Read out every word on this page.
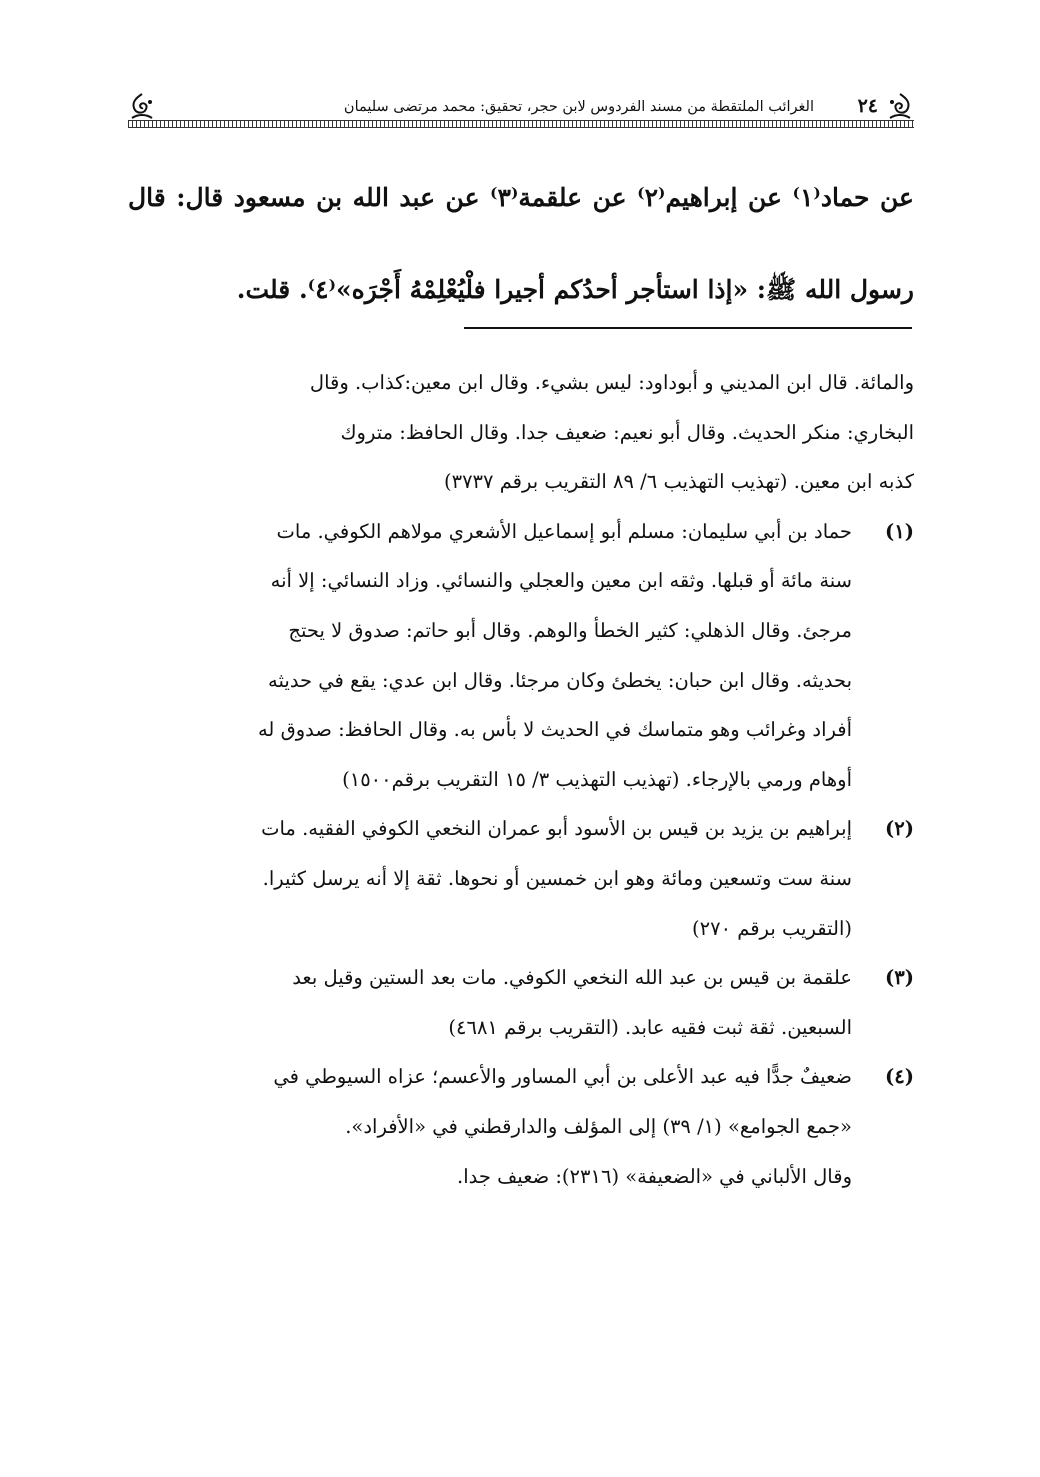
٢٤
الغرائب الملتقطة من مسند الفردوس لابن حجر، تحقيق: محمد مرتضى سليمان
عن حماد⁽١⁾ عن إبراهيم⁽٢⁾ عن علقمة⁽٣⁾ عن عبد الله بن مسعود قال: قال
رسول الله ﷺ: «إذا استأجر أحدُكم أجيرا فلْيُعْلِمْهُ أَجْرَه»⁽٤⁾. قلت.
والمائة. قال ابن المديني و أبوداود: ليس بشيء. وقال ابن معين:كذاب. وقال
البخاري: منكر الحديث. وقال أبو نعيم: ضعيف جدا. وقال الحافظ: متروك
كذبه ابن معين. (تهذيب التهذيب ٦/ ٨٩ التقريب برقم ٣٧٣٧)
(١)
حماد بن أبي سليمان: مسلم أبو إسماعيل الأشعري مولاهم الكوفي. مات
سنة مائة أو قبلها. وثقه ابن معين والعجلي والنسائي. وزاد النسائي: إلا أنه
مرجئ. وقال الذهلي: كثير الخطأ والوهم. وقال أبو حاتم: صدوق لا يحتج
بحديثه. وقال ابن حبان: يخطئ وكان مرجئا. وقال ابن عدي: يقع في حديثه
أفراد وغرائب وهو متماسك في الحديث لا بأس به. وقال الحافظ: صدوق له
أوهام ورمي بالإرجاء. (تهذيب التهذيب ٣/ ١٥ التقريب برقم١٥٠٠)
(٢)
إبراهيم بن يزيد بن قيس بن الأسود أبو عمران النخعي الكوفي الفقيه. مات
سنة ست وتسعين ومائة وهو ابن خمسين أو نحوها. ثقة إلا أنه يرسل كثيرا.
(التقريب برقم ٢٧٠)
(٣)
علقمة بن قيس بن عبد الله النخعي الكوفي. مات بعد الستين وقيل بعد
السبعين. ثقة ثبت فقيه عابد. (التقريب برقم ٤٦٨١)
(٤)
ضعيفٌ جدًّا فيه عبد الأعلى بن أبي المساور والأعسم؛ عزاه السيوطي في
«جمع الجوامع» (١/ ٣٩) إلى المؤلف والدارقطني في «الأفراد».
وقال الألباني في «الضعيفة» (٢٣١٦): ضعيف جدا.
